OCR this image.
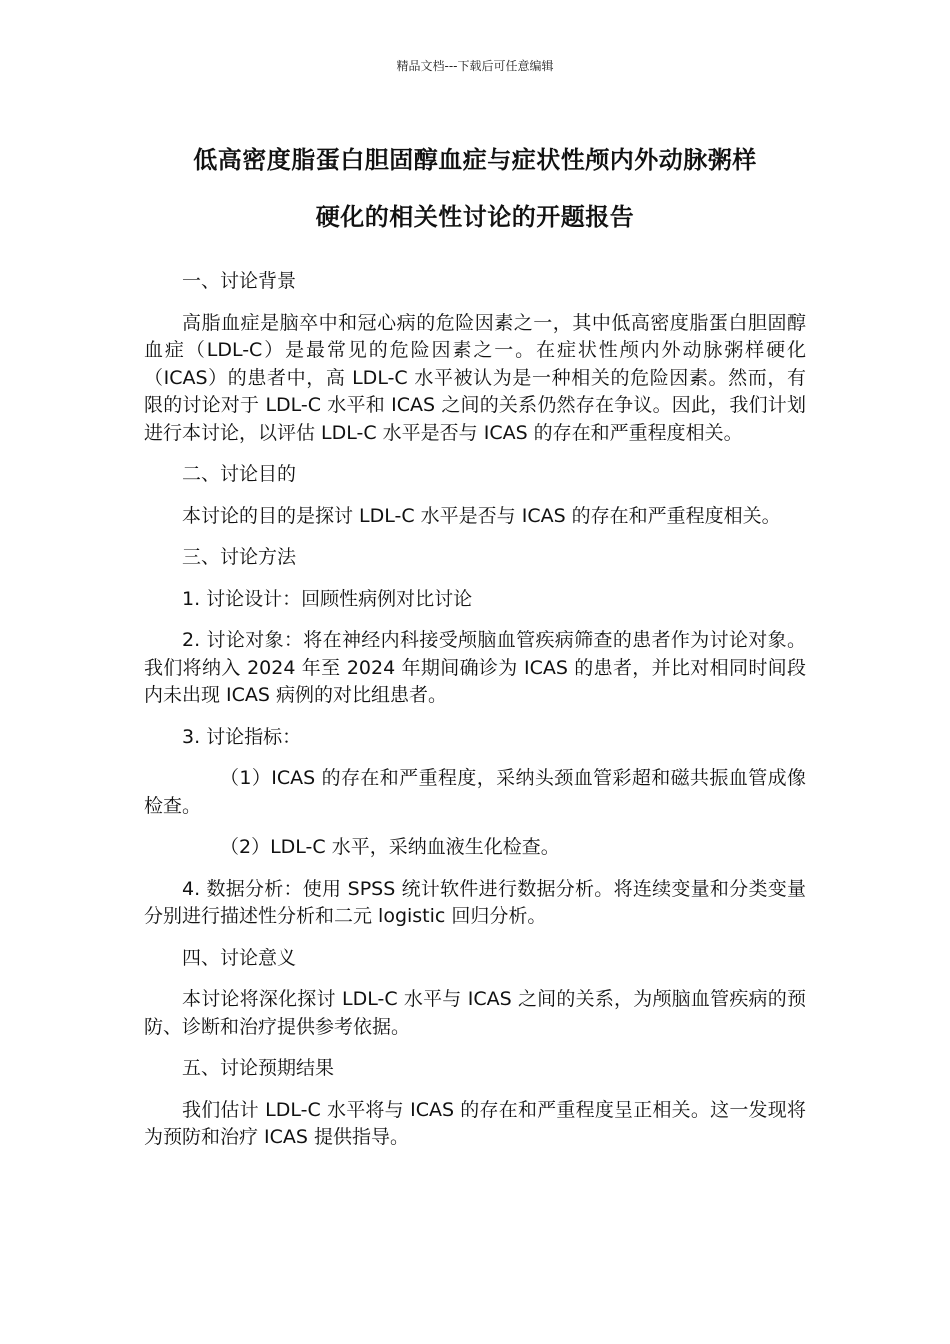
精品文档---下载后可任意编辑
低高密度脂蛋白胆固醇血症与症状性颅内外动脉粥样
硬化的相关性讨论的开题报告

一、讨论背景

高脂血症是脑卒中和冠心病的危险因素之一，其中低高密度脂蛋白胆固醇血症（LDL-C）是最常见的危险因素之一。在症状性颅内外动脉粥样硬化（ICAS）的患者中，高 LDL-C 水平被认为是一种相关的危险因素。然而，有限的讨论对于 LDL-C 水平和 ICAS 之间的关系仍然存在争议。因此，我们计划进行本讨论，以评估 LDL-C 水平是否与 ICAS 的存在和严重程度相关。

二、讨论目的

本讨论的目的是探讨 LDL-C 水平是否与 ICAS 的存在和严重程度相关。

三、讨论方法

1. 讨论设计：回顾性病例对比讨论

2. 讨论对象：将在神经内科接受颅脑血管疾病筛查的患者作为讨论对象。我们将纳入 2024 年至 2024 年期间确诊为 ICAS 的患者，并比对相同时间段内未出现 ICAS 病例的对比组患者。

3. 讨论指标：

（1）ICAS 的存在和严重程度，采纳头颈血管彩超和磁共振血管成像检查。

（2）LDL-C 水平，采纳血液生化检查。

4. 数据分析：使用 SPSS 统计软件进行数据分析。将连续变量和分类变量分别进行描述性分析和二元 logistic 回归分析。

四、讨论意义

本讨论将深化探讨 LDL-C 水平与 ICAS 之间的关系，为颅脑血管疾病的预防、诊断和治疗提供参考依据。

五、讨论预期结果

我们估计 LDL-C 水平将与 ICAS 的存在和严重程度呈正相关。这一发现将为预防和治疗 ICAS 提供指导。
